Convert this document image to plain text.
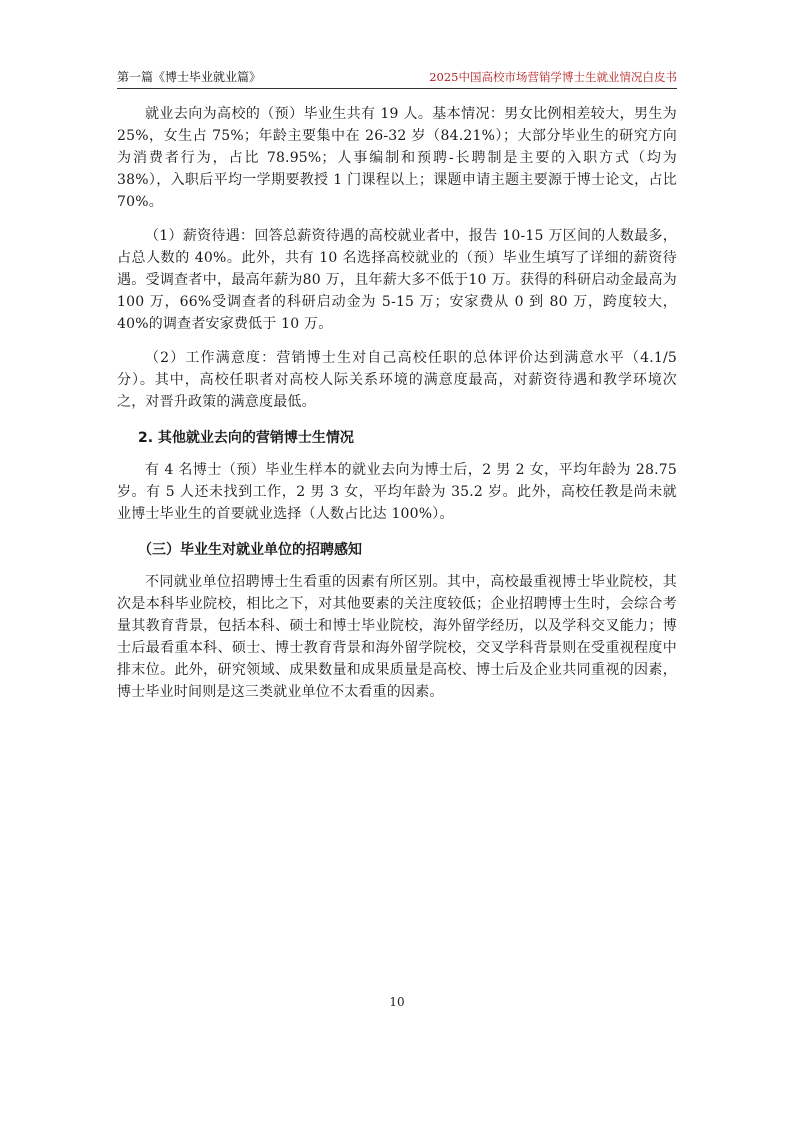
第一篇《博士毕业就业篇》	2025中国高校市场营销学博士生就业情况白皮书

就业去向为高校的（预）毕业生共有 19 人。基本情况：男女比例相差较大，男生为 25%，女生占 75%；年龄主要集中在 26-32 岁（84.21%）；大部分毕业生的研究方向为消费者行为，占比 78.95%；人事编制和预聘-长聘制是主要的入职方式（均为 38%），入职后平均一学期要教授 1 门课程以上；课题申请主题主要源于博士论文，占比 70%。

（1）薪资待遇：回答总薪资待遇的高校就业者中，报告 10-15 万区间的人数最多，占总人数的 40%。此外，共有 10 名选择高校就业的（预）毕业生填写了详细的薪资待遇。受调查者中，最高年薪为80 万，且年薪大多不低于10 万。获得的科研启动金最高为 100 万，66%受调查者的科研启动金为 5-15 万；安家费从 0 到 80 万，跨度较大，40%的调查者安家费低于 10 万。

（2）工作满意度：营销博士生对自己高校任职的总体评价达到满意水平（4.1/5 分）。其中，高校任职者对高校人际关系环境的满意度最高，对薪资待遇和教学环境次之，对晋升政策的满意度最低。

2. 其他就业去向的营销博士生情况

有 4 名博士（预）毕业生样本的就业去向为博士后，2 男 2 女，平均年龄为 28.75 岁。有 5 人还未找到工作，2 男 3 女，平均年龄为 35.2 岁。此外，高校任教是尚未就业博士毕业生的首要就业选择（人数占比达 100%）。

（三）毕业生对就业单位的招聘感知

不同就业单位招聘博士生看重的因素有所区别。其中，高校最重视博士毕业院校，其次是本科毕业院校，相比之下，对其他要素的关注度较低；企业招聘博士生时，会综合考量其教育背景，包括本科、硕士和博士毕业院校，海外留学经历，以及学科交叉能力；博士后最看重本科、硕士、博士教育背景和海外留学院校，交叉学科背景则在受重视程度中排末位。此外，研究领域、成果数量和成果质量是高校、博士后及企业共同重视的因素，博士毕业时间则是这三类就业单位不太看重的因素。

10
